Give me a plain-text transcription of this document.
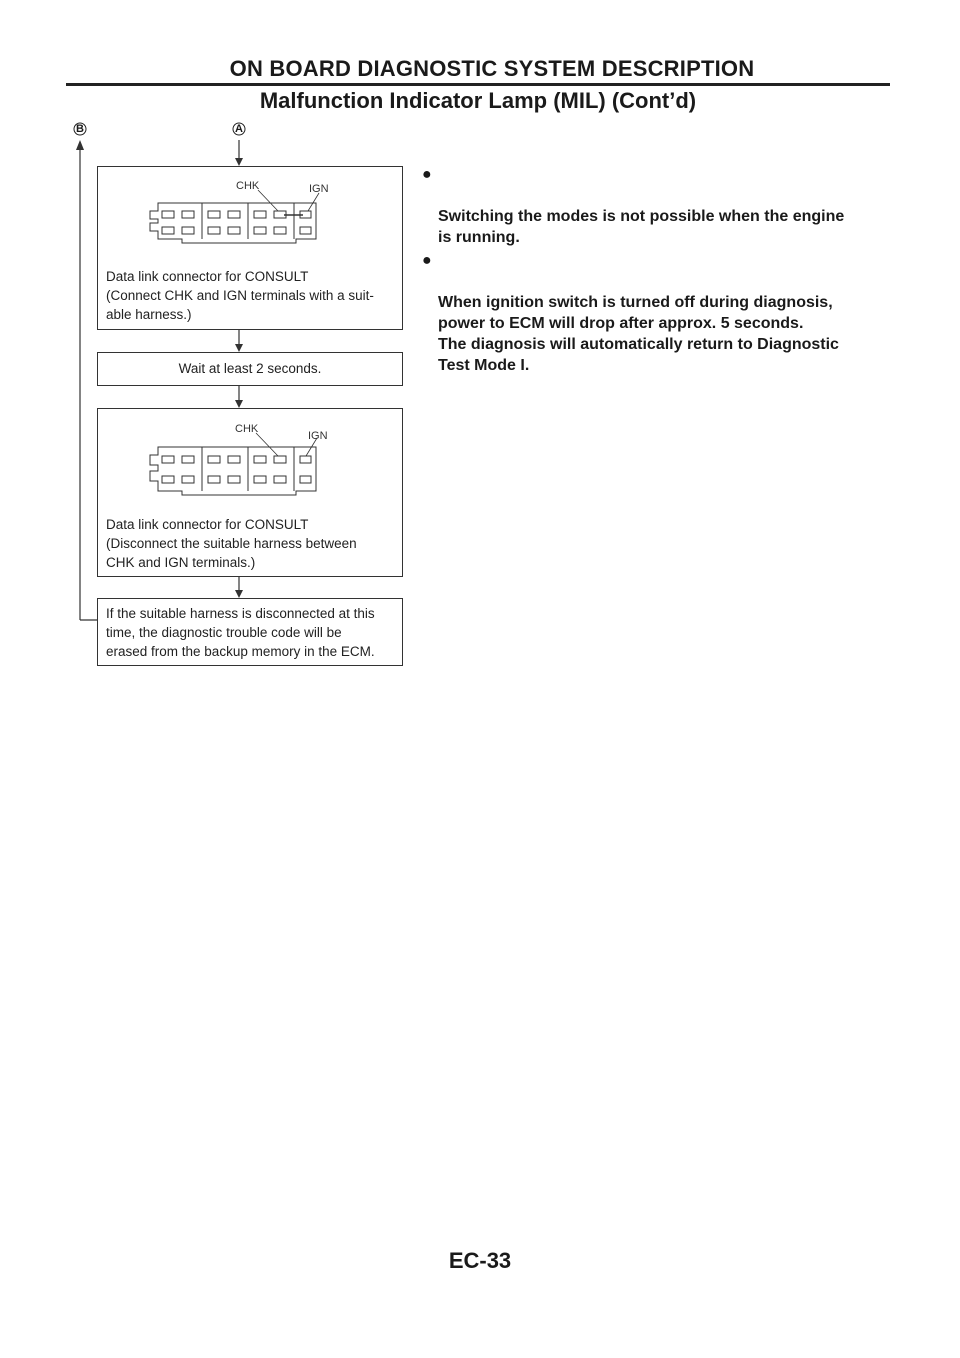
ON BOARD DIAGNOSTIC SYSTEM DESCRIPTION
Malfunction Indicator Lamp (MIL) (Cont’d)
B	A
CHK	IGN
Data link connector for CONSULT
(Connect CHK and IGN terminals with a suit-
able harness.)
Wait at least 2 seconds.
CHK
IGN
Data link connector for CONSULT
(Disconnect the suitable harness between
CHK and IGN terminals.)
If the suitable harness is disconnected at this
time, the diagnostic trouble code will be
erased from the backup memory in the ECM.

●

Switching the modes is not possible when the engine
is running.

●

When ignition switch is turned off during diagnosis,
power to ECM will drop after approx. 5 seconds.
The diagnosis will automatically return to Diagnostic
Test Mode I.

EC-33
